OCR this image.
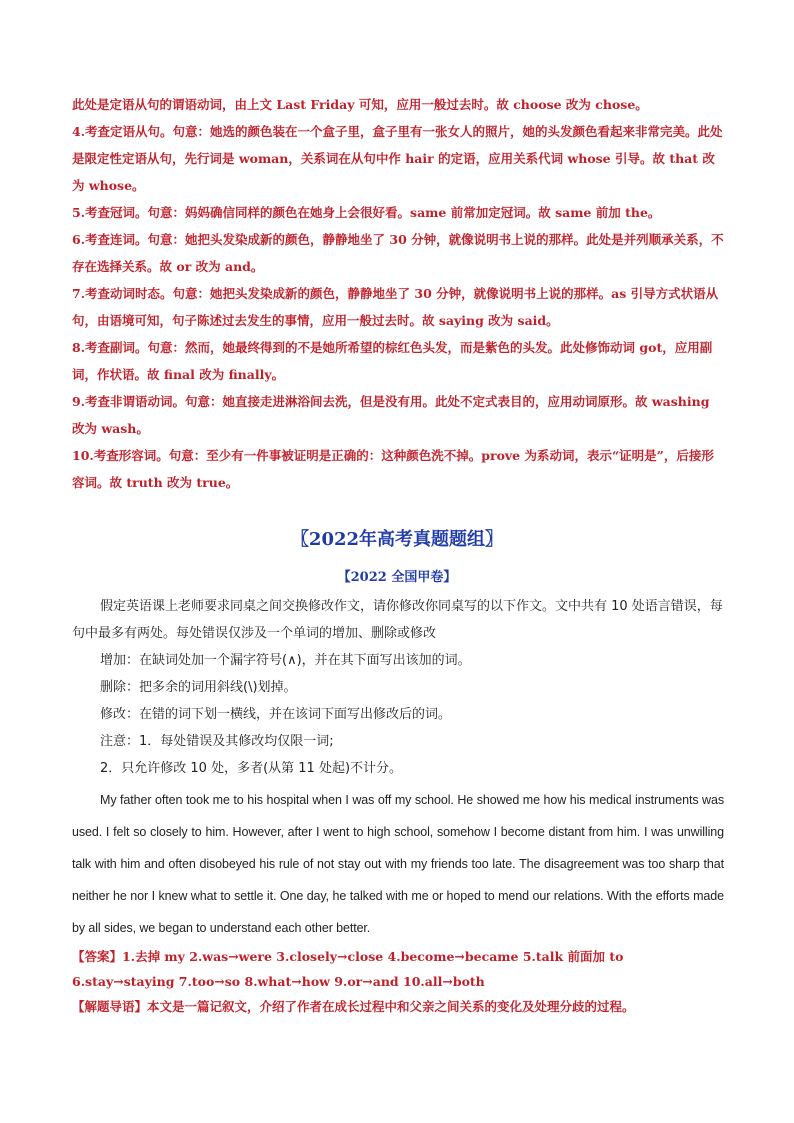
此处是定语从句的谓语动词，由上文 Last Friday 可知，应用一般过去时。故 choose 改为 chose。

4.考查定语从句。句意：她选的颜色装在一个盒子里，盒子里有一张女人的照片，她的头发颜色看起来非常完美。此处是限定性定语从句，先行词是 woman，关系词在从句中作 hair 的定语，应用关系代词 whose 引导。故 that 改为 whose。

5.考查冠词。句意：妈妈确信同样的颜色在她身上会很好看。same 前常加定冠词。故 same 前加 the。

6.考查连词。句意：她把头发染成新的颜色，静静地坐了 30 分钟，就像说明书上说的那样。此处是并列顺承关系，不存在选择关系。故 or 改为 and。

7.考查动词时态。句意：她把头发染成新的颜色，静静地坐了 30 分钟，就像说明书上说的那样。as 引导方式状语从句，由语境可知，句子陈述过去发生的事情，应用一般过去时。故 saying 改为 said。

8.考查副词。句意：然而，她最终得到的不是她所希望的棕红色头发，而是紫色的头发。此处修饰动词 got，应用副词，作状语。故 final 改为 finally。

9.考查非谓语动词。句意：她直接走进淋浴间去洗，但是没有用。此处不定式表目的，应用动词原形。故 washing 改为 wash。

10.考查形容词。句意：至少有一件事被证明是正确的：这种颜色洗不掉。prove 为系动词，表示“证明是”，后接形容词。故 truth 改为 true。

〖2022年高考真题题组〗
【2022 全国甲卷】

假定英语课上老师要求同桌之间交换修改作文，请你修改你同桌写的以下作文。文中共有 10 处语言错误，每句中最多有两处。每处错误仅涉及一个单词的增加、删除或修改

增加：在缺词处加一个漏字符号(∧)，并在其下面写出该加的词。

删除：把多余的词用斜线(\)划掉。

修改：在错的词下划一横线，并在该词下面写出修改后的词。

注意：1．每处错误及其修改均仅限一词;

2．只允许修改 10 处，多者(从第 11 处起)不计分。

My father often took me to his hospital when I was off my school. He showed me how his medical instruments was used. I felt so closely to him. However, after I went to high school, somehow I become distant from him. I was unwilling talk with him and often disobeyed his rule of not stay out with my friends too late. The disagreement was too sharp that neither he nor I knew what to settle it. One day, he talked with me or hoped to mend our relations. With the efforts made by all sides, we began to understand each other better.

【答案】1.去掉 my 2.was→were 3.closely→close 4.become→became 5.talk 前面加 to 6.stay→staying 7.too→so 8.what→how 9.or→and 10.all→both

【解题导语】本文是一篇记叙文，介绍了作者在成长过程中和父亲之间关系的变化及处理分歧的过程。
